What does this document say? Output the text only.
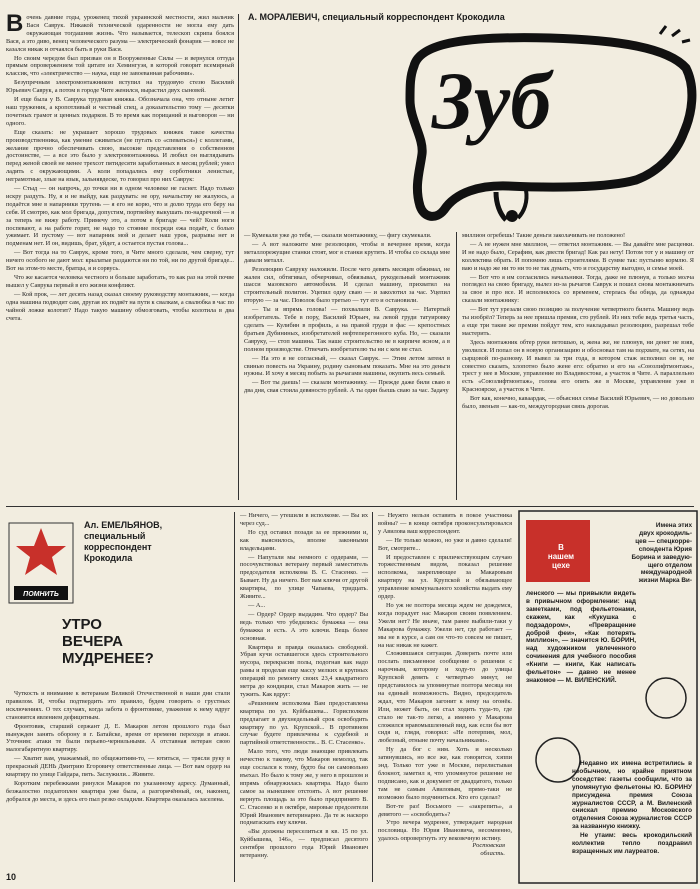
Зуб
А. МОРАЛЕВИЧ, специальный корреспондент Крокодила
В очень давние годы, уроженец тихой украинской местности, жил мальчик Вася Саврук. Никакой технической одаренности не могла ему дать окружающая тогдашняя жизнь. Что называется, телескоп скрипа боялся Вася, а это диво, венец человеческого разума — электрический фонарик — вовсе не казался никак и отчаялся быть в руки Вася.

Но своим чередом был призван он в Вооруженные Силы — и вернулся оттуда прямым опровержением той цитате из Хемингуэя, в которой говорит всемирный классик, что «электричество — наука, еще не завоеванная рабочими».

Безупречным электромонтажником вступил на трудовую стезю Василий Юрьевич Саврук, а потом в городе Чите женился, вырастил двух сыновей.

И еще была у В. Саврука трудовая книжка. Обозначала она, что отныне летит наш труженик, а кропотливый и честный спец, а доказательство тому — десятки почетных грамот и ценных подарков. В то время как порицаний и выговоров — ни одного.

Еще сказать: не украшает хорошо трудовых книжек такое качества производственника, как умение сживаться (не путать со «спеваться») с коллегами, желание прочно обеспечивать свою, высокие представления о собственном достоинстве, — а все это было у электромонтажника. И любил он выглядывать перед женой своей не менее трехсот пятидесяти заработанных в месяц рублей; умел ладить с окружающими. А коли попадались ему сорботники ленистые, неграмотные, злые на язык, зальнявдеске, то говорил про них Саврук:

— Стыд — он напрочь, до точки ни в одном человеке не гаснет. Надо только искру раздуть. Ну, я и не выйду, как раздувать: не ору, начальству не жалуюсь, а подаётся мне в напарники трутень — я его не корю, что и долю труда его беру на себя. И смотрю, как мол бригада, допустим, портвейну выкушать по-надречной — я за теперь не вижу работу. Примечу это, а потом в бригаде — чей? Коли ноги поспевают, а на работе горит, не надо то стояние посреди ежа подаёт, с болью ужимает. И пустому — вот напарник мой и делает наш урок, разрывы нет и подменам нет. И он, видишь, брат, уйдет, а остается пустая голова...

— Вот тогда на то Саврук, кроме того, в Чите много сделали, чем сверну, тут ничего особого не дают мол: крылатые раздаются ни по той, ни по другой бригаде... Вот на этом-то месте, братцы, я и сорвусь.

Что же касается человека честного и больше заработать, то как раз на этой почве вышел у Саврука первый в его жизни конфликт.

— Кой прок, — лет десять назад сказал своему руководству монтажник, — когда одна машина подводит сам, другая их подвёт на пути к свалкам, а свалюбка в час по чайной ложке колотит? Надо такую машину обмозговать, чтобы колотила в два счета.

— Кумекали уже до тебя, — сказали монтажнику, — фигу скумекали.

— А вот наложите мне резолюцию, чтобы в вечернее время, когда металлорежущие станки стоят, мог я станки крутить. И чтобы со склада мне давали металл.

Резолюцию Савруку наложили. После чего девять месяцев обжимал, не жалея сил, обтягивал, обчерчивал, обвязывал, рукодельный монтажник шасси мазовского автомобиля. И сделал машину, прихватил на строительный полигон. Уцепил одну сваю — и заколотил за час. Уцепил вторую — за час. Поволок было третью — тут его и остановили.

— Ты и впрямь голова! — похвалили В. Саврука. — Натертый изобретатель. Тебе в пору, Василий Юрьич, на левой груди татуировку сделать — Кулибин в профиль, а на правой груди в фас — крепостных братьев Дубининых, изобретателей нефтеперегонного куба. Но, — сказали Савруку, — стоп машина. Так наше строительство не в кирпиче ясном, а в полном производстве. Отвечать изобретателю ты ни с кем не стал.

— На это я не согласный, — сказал Саврук. — Этим летом затеял в свинью повесть на Украину, родину сыновьям показать. Мне на это деньги нужны. И хочу я месяц побыть за рычагами машины, окупить весь семьей.

— Вот ты даешь! — сказали монтажнику. — Прежде даже били сваю в два дня, свая стоила девяносто рублей. А ты один бьешь сваю за час. Задачу

миллион огребешь! Такие деньги заколачивать не положено!

— А не нужен мне миллион, — ответил монтажник. — Вы давайте мне расценки. И не надо было, Серафим, как двести бригад! Как раз нету! Потом тот у и машину от коллектива обрать. И попомню лишь строителями. В сумме так: пустыню кормлю. Я ваю и надо же ни то ни то не так думать, что и государству выгодно, и семье моей.

— Вот что я им согласились начальники. Тогда, даже не плюнув, а только молча поглядел на свою бригаду, вылез из-за рычагов Саврук и пошел снова монтажничать за свое и про все. И исполнялось со временем, стерлась бы обида, да однажды сказали монтажнику:

— Вот тут урезали свою позицию за получение четвертного билета. Машину ведь ты изобрёл? Теперь за нее пришла премия, сто рублей. Из них тебе ведь третья часть, а еще три такие же премии пойдут тем, кто накладывал резолюцию, разрешал тебе мастерить.

Здесь монтажник обтер руки ветошью, и, жена же, не плюнув, ни денег не взяв, уволился. И попал он в новую организацию и обосновал там на подхвате, на сетях, на сырцовой по-разному. И вывел за три года, в котором стаж исполнил он и, не совестно сказать, хлопотно было жене его: обратно и его на «Союзлифтмонтаж», трест у нее в Москве, управление во Владивостоке, а участок в Чите. А параллельно есть «Союзлифтмонтаж», голова его опять же в Москве, управление уже в Красноярске, а участок в Чите.

Вот как, конечно, каваардак, — объяснил семье Василий Юрьевич, — но довольно было, звеньев — как-то, междугородная связь дорогая.

ПОМНИТЬ
Ал. ЕМЕЛЬЯНОВ,
специальный
корреспондент
Крокодила
УТРО
ВЕЧЕРА
МУДРЕНЕЕ?

Чуткость и внимание к ветеранам Великой Отечественной в наши дни стали правилом. И, чтобы подтвердить это правило, будем говорить о грустных исключениях. О тех случаях, когда забота о фронтовике, уважение к нему вдруг становятся явлением дефицитным.

Фронтовик, старший сержант Д. Е. Макаров летом прошлого года был вынужден занять оборону в г. Батайске, время от времени переходя в атаки. Уточним: атаки те были перьево-чернильными. А отставная ветеран свою малогабаритную квартиру.

— Хватит вам, уважаемый, по общежитиям-то, — ютиться, — трясли руку в прекрасный ДЕНЬ Дмитрию Егоровичу ответственные лица. — Вот вам ордер на квартиру по улице Гайдара, пять. Заслужили... Живите.

Коротким перебежками ринулся Макаров по указанному адресу. Думанный, безжалостно подзатоплен квартира уже была, а разгорячённый, он, наконец, добрался до места, и здесь его пыл резко охладили. Квартира оказалась заселена.

— Ничего, — утешили в исполкоме. — Вы их через суд...

Но суд оставил позади за ее прежними и, как выяснилось, вполне законными владельцами.

— Напутали мы немного с ордерами, — посочувствовал ветерану первый заместитель председателя исполкома В. С. Стасенко. — Бывает. Ну да ничего. Вот вам ключи от другой квартиры, по улице Чапаева, тридцать. Живите...

— А...

— Ордер? Ордер выдадим. Что ордер? Вы ведь только что убедились: бумажка — она бумажка и есть. А это ключи. Вещь более основная.

Квартира и правда оказалась свободной. Убрав кучи оставшегося здесь строительного мусора, перекрасив полы, подогнав как надо рамы и проделав еще массу мелких и крупных операций по ремонту своих 23,4 квадратного метра до кондиции, стал Макаров жить — не тужить. Как вдруг:

«Решением исполкома Вам предоставлена квартира по ул. Куйбышева... Горисполком предлагает в двухнедельный срок освободить квартиру по ул. Крупской... В противном случае будете привлечены к судебной и партийной ответственности... В. С. Стасенко».

Мало того, что люди знающие привлекать нечестно к такому, что Макаров немолод, так еще сослался к тому, будто бы он самовольно въехал. Но было к тому же, у него в прошлом и впрямь обнаружилась квартира. Надо было самое за нынешнее отстоять. А вот решение вернуть площадь за это было предпринято В. С. Стасенко и в октябре, мировые предсеятели Юрий Иванович ветеринарно. Да те ж наскоро поднатаскать ему ключи.

«Вы должны переселиться в кв. 15 по ул. Куйбышева, 146», — предписал десятого сентября прошлого года Юрий Иванович ветеранну.

— Неужто нельзя оставить в покое участника войны? — в конце октября проконсультировался у Авилова ваш корреспондент.

— Не только можно, но уже и давно сделали! Вот, смотрите...

И предоставлен с приличествующим случаю торжественным видом, показал решение исполкома, закрепляющее за Макаровым квартиру на ул. Крупской и обязывающее управление коммунального хозяйства выдать ему ордер.

Но уж не полтора месяца ждем не дождемся, когда порадует нас Макаров своим появлением. Ужели нет? Не иначе, там ранее выбили-таки у Макарова бумажку. Ужели нет, где работает — мы не в курсе, а сам он что-то совсем не пишет, на нас никак не кажет.

Сложившаяся ситуация. Доверять почте или послать письменное сообщение о решении с нарочным, которому и ходу-то до улицы Крупской девять с четвертью минут, не представилось за упомянутые полтора месяца ни на единый возможность. Видно, председатель ждал, что Макаров загонит к нему на огонёк. Или, может быть, он стал ходить туда-то, где стало не так-то легко, а именно у Макарова сложился нравомышленный вид, как если бы вот сидя и, глядя, говорил: «Не потерпим, мол, любезный, отныне почту начальниками».

Ну да бог с ним. Хоть и несколько затянувшись, но все же, как говорится, хэппи энд. Только тот уже в Москве, перелистывая блокнот, заметил я, что упомянутое решение не подписано, как и документ от двадцатого, только там не самым Авиловым, прямо-таки не возможно было подчиниться. Кто его сделал?

Вот-те раз! Восьмого — «закрепить», а девятого — «освободить»?

Утро вечера мудренее, утверждает народная пословица. Но Юрия Ивановича, несомненно, удалось опровергнуть эту вековечную истину.

Ростовская
область.
В
нашем
цехе
Имена этих
двух крокодиль-
цев — спецкорре-
спондента Юрия
Борина и заведую-
щего отделом
международной
жизни Марка Ви-

ленского — мы привыкли видеть в привычном оформлении: над заметками, под фельетонами, скажем, как «Кукушка с подзадором», «Превращение доброй феи», «Как потерять миллион», — значится Ю. БОРИН, над художником увлеченного сочинения для учебного пособия «Книги — книги, Как написать фельетон» — давно не менее знакомое — М. ВИЛЕНСКИЙ.

Недавно их имена встретились в необычном, но крайне приятном соседстве: газеты сообщили, что за упомянутую фельетоны Ю. БОРИНУ присуждена премия Союза журналистов СССР, а М. Виленский снискал премию Московского отделения Союза журналистов СССР за названную книжку.

Не утаим: весь крокодильский коллектив тепло поздравил взращенных им лауреатов.

10
